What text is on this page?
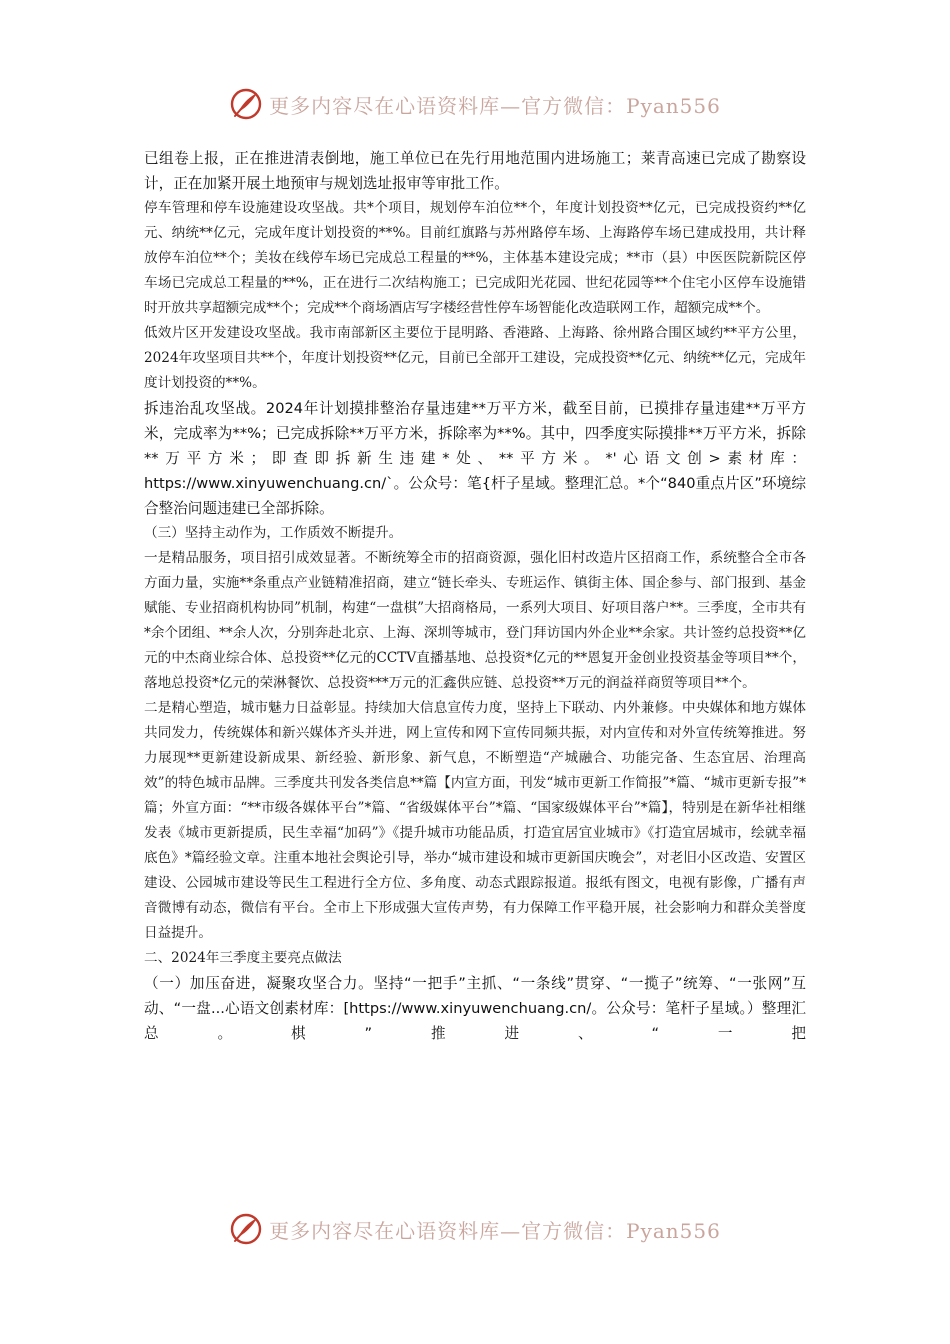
更多内容尽在心语资料库—官方微信：Pyan556

已组卷上报，正在推进清表倒地，施工单位已在先行用地范围内进场施工；莱青高速已完成了勘察设计，正在加紧开展土地预审与规划选址报审等审批工作。

停车管理和停车设施建设攻坚战。共*个项目，规划停车泊位**个，年度计划投资**亿元，已完成投资约**亿元、纳统**亿元，完成年度计划投资的**%。目前红旗路与苏州路停车场、上海路停车场已建成投用，共计释放停车泊位**个；美妆在线停车场已完成总工程量的**%，主体基本建设完成；**市（县）中医医院新院区停车场已完成总工程量的**%，正在进行二次结构施工；已完成阳光花园、世纪花园等**个住宅小区停车设施错时开放共享超额完成**个；完成**个商场酒店写字楼经营性停车场智能化改造联网工作，超额完成**个。

低效片区开发建设攻坚战。我市南部新区主要位于昆明路、香港路、上海路、徐州路合围区域约**平方公里，2024年攻坚项目共**个，年度计划投资**亿元，目前已全部开工建设，完成投资**亿元、纳统**亿元，完成年度计划投资的**%。

拆违治乱攻坚战。2024年计划摸排整治存量违建**万平方米，截至目前，已摸排存量违建**万平方米，完成率为**%；已完成拆除**万平方米，拆除率为**%。其中，四季度实际摸排**万平方米，拆除**万平方米；即查即拆新生违建*处、**平方米。*'心语文创>素材库：https://www.xinyuwenchuang.cn/`。公众号：笔{杆子星域。整理汇总。*个“840重点片区”环境综合整治问题违建已全部拆除。

（三）坚持主动作为，工作质效不断提升。

一是精品服务，项目招引成效显著。不断统筹全市的招商资源，强化旧村改造片区招商工作，系统整合全市各方面力量，实施**条重点产业链精准招商，建立“链长牵头、专班运作、镇街主体、国企参与、部门报到、基金赋能、专业招商机构协同”机制，构建“一盘棋”大招商格局，一系列大项目、好项目落户**。三季度，全市共有*余个团组、**余人次，分别奔赴北京、上海、深圳等城市，登门拜访国内外企业**余家。共计签约总投资**亿元的中杰商业综合体、总投资**亿元的CCTV直播基地、总投资*亿元的**恩复开金创业投资基金等项目**个，落地总投资*亿元的荣淋餐饮、总投资***万元的汇鑫供应链、总投资**万元的润益祥商贸等项目**个。

二是精心塑造，城市魅力日益彰显。持续加大信息宣传力度，坚持上下联动、内外兼修。中央媒体和地方媒体共同发力，传统媒体和新兴媒体齐头并进，网上宣传和网下宣传同频共振，对内宣传和对外宣传统筹推进。努力展现**更新建设新成果、新经验、新形象、新气息，不断塑造“产城融合、功能完备、生态宜居、治理高效”的特色城市品牌。三季度共刊发各类信息**篇【内宣方面，刊发“城市更新工作简报”*篇、“城市更新专报”*篇；外宣方面：“**市级各媒体平台”*篇、“省级媒体平台”*篇、“国家级媒体平台”*篇】，特别是在新华社相继发表《城市更新提质，民生幸福“加码”》《提升城市功能品质，打造宜居宜业城市》《打造宜居城市，绘就幸福底色》*篇经验文章。注重本地社会舆论引导，举办“城市建设和城市更新国庆晚会”，对老旧小区改造、安置区建设、公园城市建设等民生工程进行全方位、多角度、动态式跟踪报道。报纸有图文，电视有影像，广播有声音微博有动态，微信有平台。全市上下形成强大宣传声势，有力保障工作平稳开展，社会影响力和群众美誉度日益提升。

二、2024年三季度主要亮点做法

（一）加压奋进，凝聚攻坚合力。坚持“一把手”主抓、“一条线”贯穿、“一揽子”统筹、“一张网”互动、“一盘...心语文创素材库：[https://www.xinyuwenchuang.cn/。公众号：笔杆子星域。）整理汇总。棋”推进、“一把

更多内容尽在心语资料库—官方微信：Pyan556
